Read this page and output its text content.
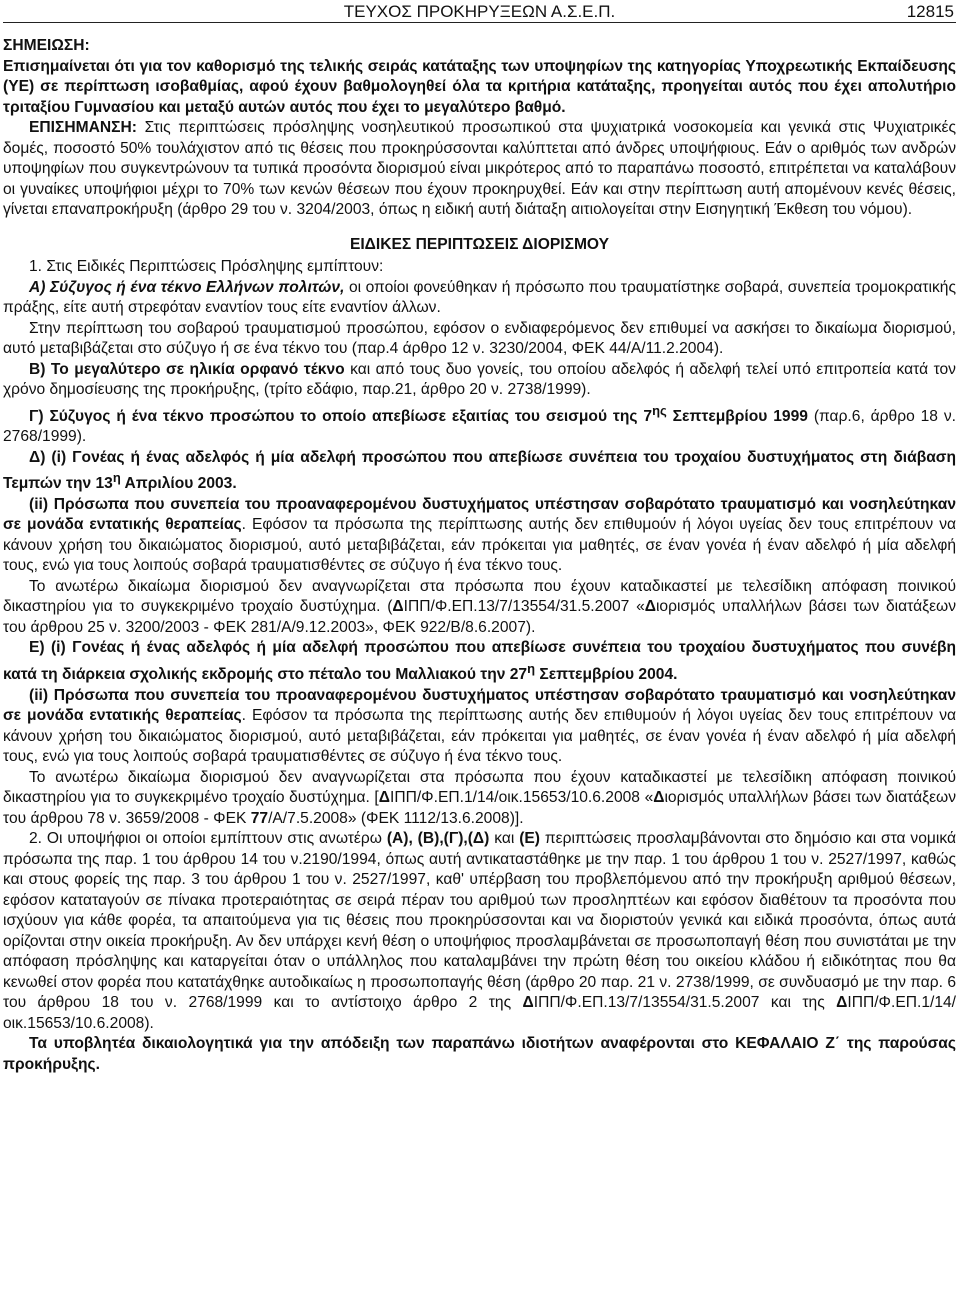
ΤΕΥΧΟΣ ΠΡΟΚΗΡΥΞΕΩΝ Α.Σ.Ε.Π.	12815

ΣΗΜΕΙΩΣΗ:

Επισημαίνεται ότι για τον καθορισμό της τελικής σειράς κατάταξης των υποψηφίων της κατηγορίας Υποχρεωτικής Εκπαίδευσης (ΥΕ) σε περίπτωση ισοβαθμίας, αφού έχουν βαθμολογηθεί όλα τα κριτήρια κατάταξης, προηγείται αυτός που έχει απολυτήριο τριταξίου Γυμνασίου και μεταξύ αυτών αυτός που έχει το μεγαλύτερο βαθμό.

ΕΠΙΣΗΜΑΝΣΗ: Στις περιπτώσεις πρόσληψης νοσηλευτικού προσωπικού στα ψυχιατρικά νοσοκομεία και γενικά στις Ψυχιατρικές δομές, ποσοστό 50% τουλάχιστον από τις θέσεις που προκηρύσσονται καλύπτεται από άνδρες υποψήφιους. Εάν ο αριθμός των ανδρών υποψηφίων που συγκεντρώνουν τα τυπικά προσόντα διορισμού είναι μικρότερος από το παραπάνω ποσοστό, επιτρέπεται να καταλάβουν οι γυναίκες υποψήφιοι μέχρι το 70% των κενών θέσεων που έχουν προκηρυχθεί. Εάν και στην περίπτωση αυτή απομένουν κενές θέσεις, γίνεται επαναπροκήρυξη (άρθρο 29 του ν. 3204/2003, όπως η ειδική αυτή διάταξη αιτιολογείται στην Εισηγητική Έκθεση του νόμου).

ΕΙΔΙΚΕΣ ΠΕΡΙΠΤΩΣΕΙΣ ΔΙΟΡΙΣΜΟΥ

1. Στις Ειδικές Περιπτώσεις Πρόσληψης εμπίπτουν:

Α) Σύζυγος ή ένα τέκνο Ελλήνων πολιτών, οι οποίοι φονεύθηκαν ή πρόσωπο που τραυματίστηκε σοβαρά, συνεπεία τρομοκρατικής πράξης, είτε αυτή στρεφόταν εναντίον τους είτε εναντίον άλλων.

Στην περίπτωση του σοβαρού τραυματισμού προσώπου, εφόσον ο ενδιαφερόμενος δεν επιθυμεί να ασκήσει το δικαίωμα διορισμού, αυτό μεταβιβάζεται στο σύζυγο ή σε ένα τέκνο του (παρ.4 άρθρο 12 ν. 3230/2004, ΦΕΚ 44/Α/11.2.2004).

Β) Το μεγαλύτερο σε ηλικία ορφανό τέκνο και από τους δυο γονείς, του οποίου αδελφός ή αδελφή τελεί υπό επιτροπεία κατά τον χρόνο δημοσίευσης της προκήρυξης, (τρίτο εδάφιο, παρ.21, άρθρο 20 ν. 2738/1999).

Γ) Σύζυγος ή ένα τέκνο προσώπου το οποίο απεβίωσε εξαιτίας του σεισμού της $7^{\eta\varsigma}$ Σεπτεμβρίου 1999 (παρ.6, άρθρο 18 ν. 2768/1999).

Δ) (i) Γονέας ή ένας αδελφός ή μία αδελφή προσώπου που απεβίωσε συνέπεια του τροχαίου δυστυχήματος στη διάβαση Τεμπών την $13^\eta$ Απριλίου 2003.

(ii) Πρόσωπα που συνεπεία του προαναφερομένου δυστυχήματος υπέστησαν σοβαρότατο τραυματισμό και νοσηλεύτηκαν σε μονάδα εντατικής θεραπείας. Εφόσον τα πρόσωπα της περίπτωσης αυτής δεν επιθυμούν ή λόγοι υγείας δεν τους επιτρέπουν να κάνουν χρήση του δικαιώματος διορισμού, αυτό μεταβιβάζεται, εάν πρόκειται για μαθητές, σε έναν γονέα ή έναν αδελφό ή μία αδελφή τους, ενώ για τους λοιπούς σοβαρά τραυματισθέντες σε σύζυγο ή ένα τέκνο τους.

Το ανωτέρω δικαίωμα διορισμού δεν αναγνωρίζεται στα πρόσωπα που έχουν καταδικαστεί με τελεσίδικη απόφαση ποινικού δικαστηρίου για το συγκεκριμένο τροχαίο δυστύχημα. (ΔΙΠΠ/Φ.ΕΠ.13/7/13554/31.5.2007 «Διορισμός υπαλλήλων βάσει των διατάξεων του άρθρου 25 ν. 3200/2003 - ΦΕΚ 281/Α/9.12.2003», ΦΕΚ 922/Β/8.6.2007).

Ε) (i) Γονέας ή ένας αδελφός ή μία αδελφή προσώπου που απεβίωσε συνέπεια του τροχαίου δυστυχήματος που συνέβη κατά τη διάρκεια σχολικής εκδρομής στο πέταλο του Μαλλιακού την $27^\eta$ Σεπτεμβρίου 2004.

(ii) Πρόσωπα που συνεπεία του προαναφερομένου δυστυχήματος υπέστησαν σοβαρότατο τραυματισμό και νοσηλεύτηκαν σε μονάδα εντατικής θεραπείας. Εφόσον τα πρόσωπα της περίπτωσης αυτής δεν επιθυμούν ή λόγοι υγείας δεν τους επιτρέπουν να κάνουν χρήση του δικαιώματος διορισμού, αυτό μεταβιβάζεται, εάν πρόκειται για μαθητές, σε έναν γονέα ή έναν αδελφό ή μία αδελφή τους, ενώ για τους λοιπούς σοβαρά τραυματισθέντες σε σύζυγο ή ένα τέκνο τους.

Το ανωτέρω δικαίωμα διορισμού δεν αναγνωρίζεται στα πρόσωπα που έχουν καταδικαστεί με τελεσίδικη απόφαση ποινικού δικαστηρίου για το συγκεκριμένο τροχαίο δυστύχημα. [ΔΙΠΠ/Φ.ΕΠ.1/14/οικ.15653/10.6.2008 «Διορισμός υπαλλήλων βάσει των διατάξεων του άρθρου 78 ν. 3659/2008 - ΦΕΚ 77/Α/7.5.2008» (ΦΕΚ 1112/13.6.2008)].

2. Οι υποψήφιοι οι οποίοι εμπίπτουν στις ανωτέρω (Α), (Β),(Γ),(Δ) και (Ε) περιπτώσεις προσλαμβάνονται στο δημόσιο και στα νομικά πρόσωπα της παρ. 1 του άρθρου 14 του ν.2190/1994, όπως αυτή αντικαταστάθηκε με την παρ. 1 του άρθρου 1 του ν. 2527/1997, καθώς και στους φορείς της παρ. 3 του άρθρου 1 του ν. 2527/1997, καθ' υπέρβαση του προβλεπόμενου από την προκήρυξη αριθμού θέσεων, εφόσον καταταγούν σε πίνακα προτεραιότητας σε σειρά πέραν του αριθμού των προσληπτέων και εφόσον διαθέτουν τα προσόντα που ισχύουν για κάθε φορέα, τα απαιτούμενα για τις θέσεις που προκηρύσσονται και να διοριστούν γενικά και ειδικά προσόντα, όπως αυτά ορίζονται στην οικεία προκήρυξη. Αν δεν υπάρχει κενή θέση ο υποψήφιος προσλαμβάνεται σε προσωποπαγή θέση που συνιστάται με την απόφαση πρόσληψης και καταργείται όταν ο υπάλληλος που καταλαμβάνει την πρώτη θέση του οικείου κλάδου ή ειδικότητας που θα κενωθεί στον φορέα που κατατάχθηκε αυτοδικαίως η προσωποπαγής θέση (άρθρο 20 παρ. 21 ν. 2738/1999, σε συνδυασμό με την παρ. 6 του άρθρου 18 του ν. 2768/1999 και το αντίστοιχο άρθρο 2 της ΔΙΠΠ/Φ.ΕΠ.13/7/13554/31.5.2007 και της ΔΙΠΠ/Φ.ΕΠ.1/14/οικ.15653/10.6.2008).

Τα υποβλητέα δικαιολογητικά για την απόδειξη των παραπάνω ιδιοτήτων αναφέρονται στο ΚΕΦΑΛΑΙΟ Ζ΄ της παρούσας προκήρυξης.
